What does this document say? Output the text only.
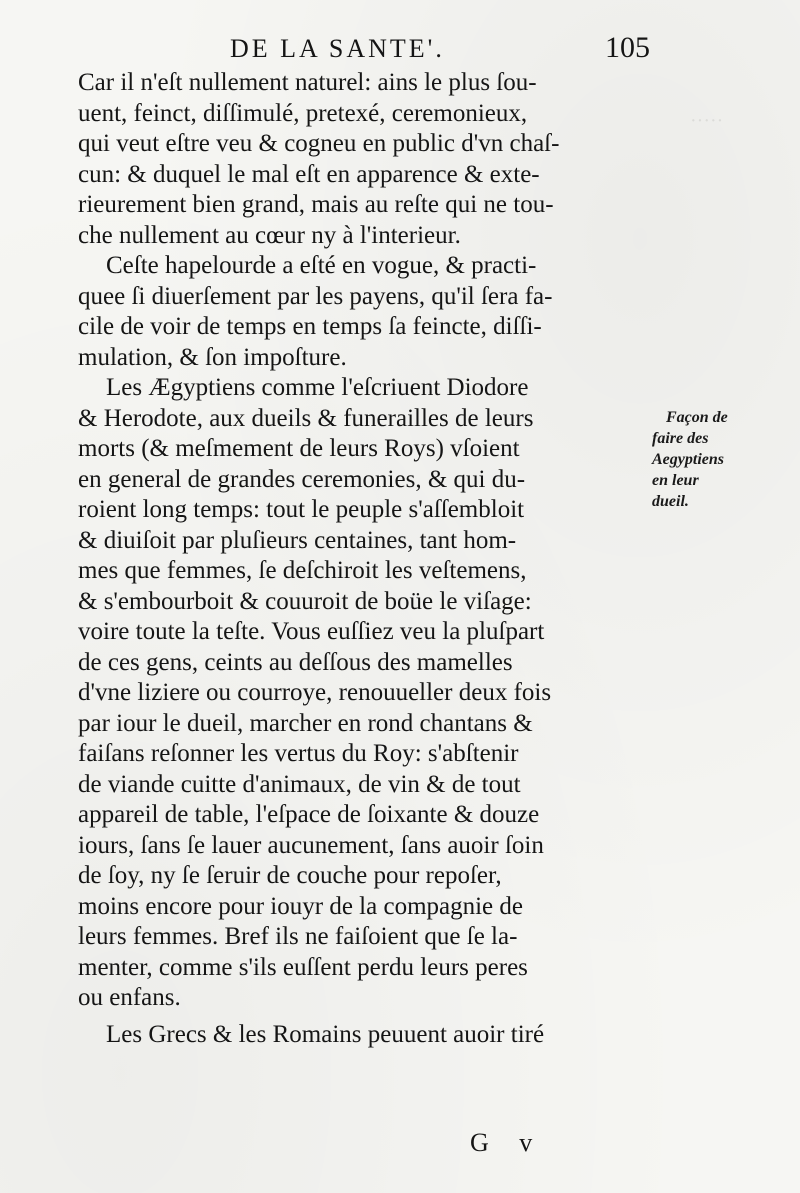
·····
DE LA SANTE'.	105
Car il n'eſt nullement naturel: ains le plus ſou-
uent, feinct, diſſimulé, pretexé, ceremonieux,
qui veut eſtre veu & cogneu en public d'vn chaſ-
cun: & duquel le mal eſt en apparence & exte-
rieurement bien grand, mais au reſte qui ne tou-
che nullement au cœur ny à l'interieur.
Ceſte hapelourde a eſté en vogue, & practi-
quee ſi diuerſement par les payens, qu'il ſera fa-
cile de voir de temps en temps ſa feincte, diſſi-
mulation, & ſon impoſture.
Les Ægyptiens comme l'eſcriuent Diodore
& Herodote, aux dueils & funerailles de leurs
morts (& meſmement de leurs Roys) vſoient
en general de grandes ceremonies, & qui du-
roient long temps: tout le peuple s'aſſembloit
& diuiſoit par pluſieurs centaines, tant hom-
mes que femmes, ſe deſchiroit les veſtemens,
& s'embourboit & couuroit de boüe le viſage:
voire toute la teſte. Vous euſſiez veu la pluſpart
de ces gens, ceints au deſſous des mamelles
d'vne liziere ou courroye, renouueller deux fois
par iour le dueil, marcher en rond chantans &
faiſans reſonner les vertus du Roy: s'abſtenir
de viande cuitte d'animaux, de vin & de tout
appareil de table, l'eſpace de ſoixante & douze
iours, ſans ſe lauer aucunement, ſans auoir ſoin
de ſoy, ny ſe ſeruir de couche pour repoſer,
moins encore pour iouyr de la compagnie de
leurs femmes. Bref ils ne faiſoient que ſe la-
menter, comme s'ils euſſent perdu leurs peres
ou enfans.
Les Grecs & les Romains peuuent auoir tiré
Façon de
faire des
Aegyptiens
en leur
dueil.
G v
